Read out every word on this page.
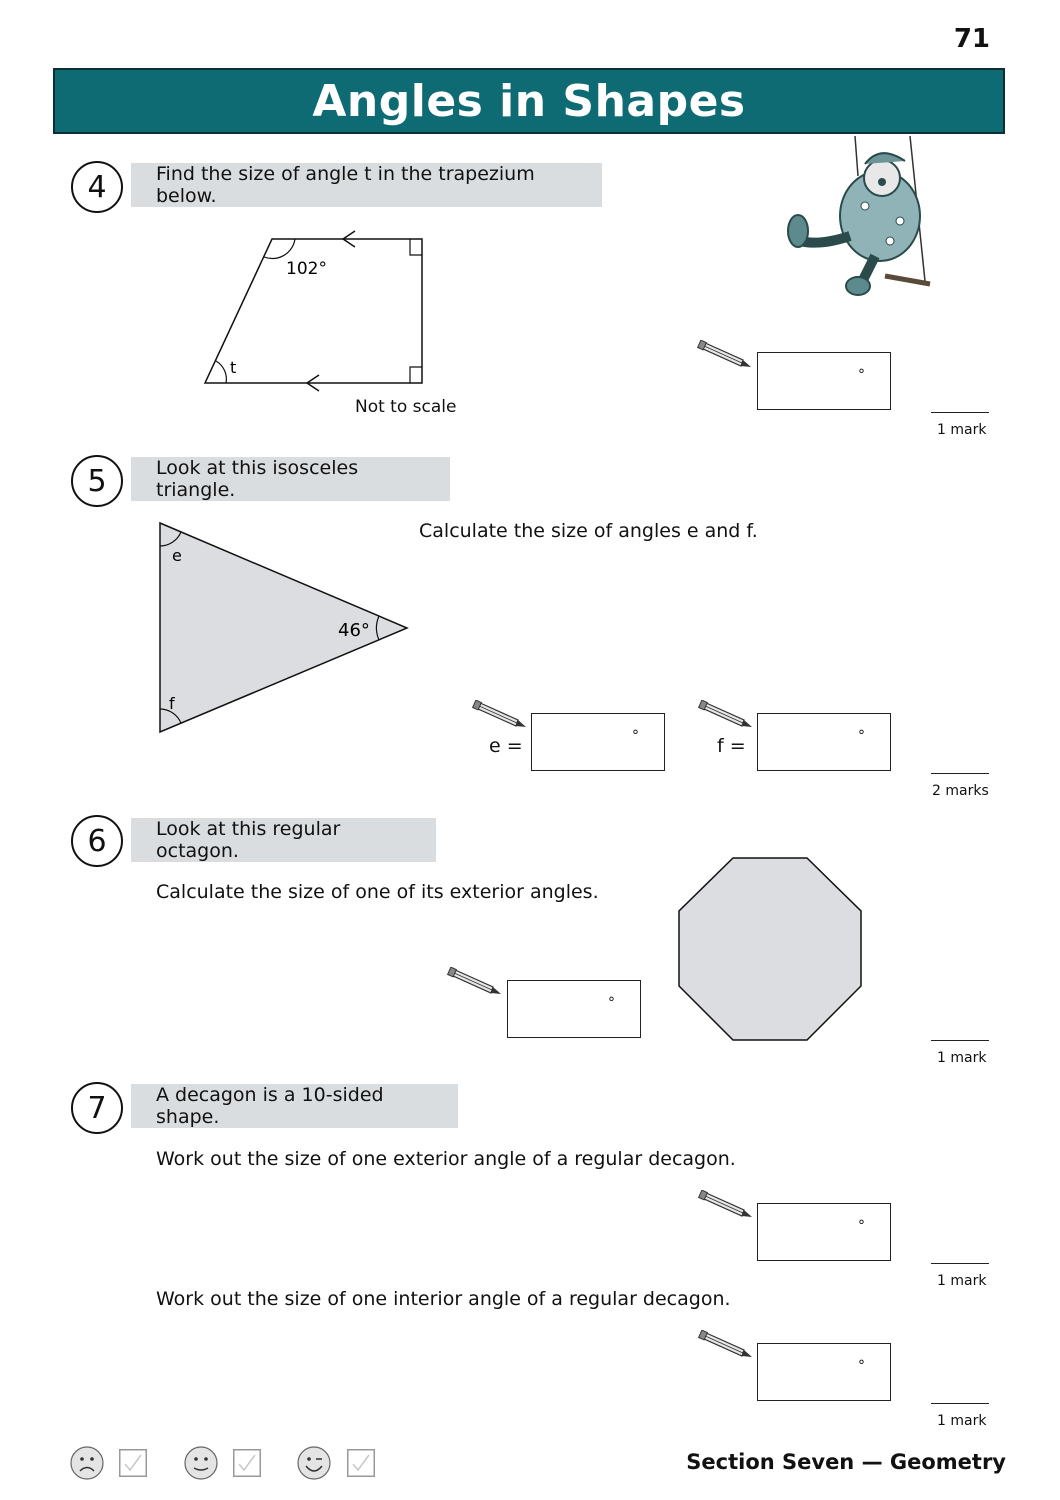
71
Angles in Shapes
4	Find the size of angle t in the trapezium below.
102°
t
Not to scale
°
1 mark
5	Look at this isosceles triangle.
Calculate the size of angles e and f.
e
f
46°
e =	°	f =	°
2 marks
6	Look at this regular octagon.
Calculate the size of one of its exterior angles.
°
1 mark
7	A decagon is a 10-sided shape.
Work out the size of one exterior angle of a regular decagon.
°
1 mark
Work out the size of one interior angle of a regular decagon.
°
1 mark
Section Seven — Geometry
